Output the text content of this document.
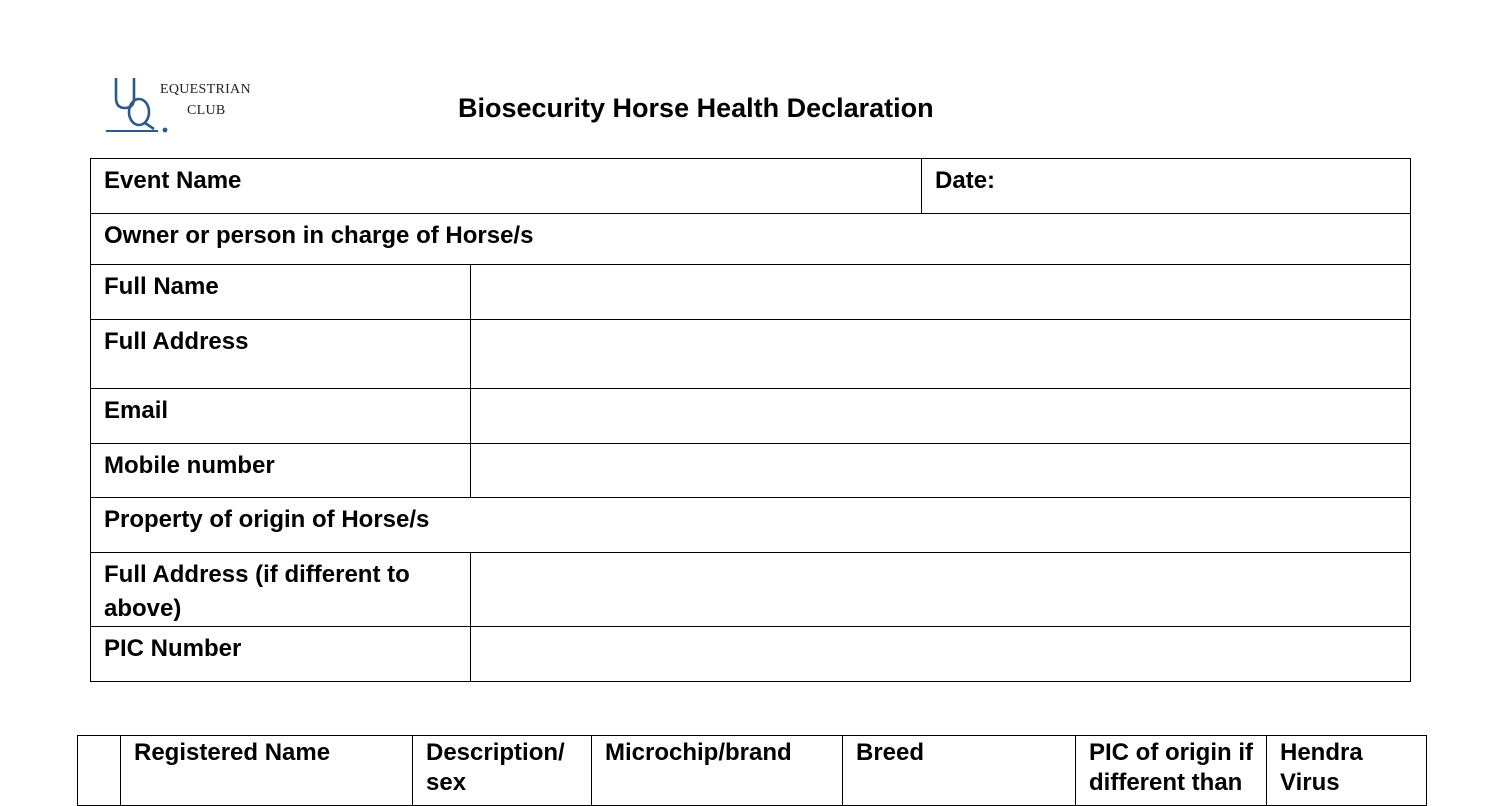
EQUESTRIAN
CLUB	Biosecurity Horse Health Declaration
Event Name		Date:
Owner or person in charge of Horse/s		
Full Name		
Full Address		
Email		
Mobile number		
Property of origin of Horse/s		
Full Address (if different to above)		
PIC Number		
	Registered Name	Description/sex	Microchip/brand	Breed	PIC of origin if different than	Hendra Virus
